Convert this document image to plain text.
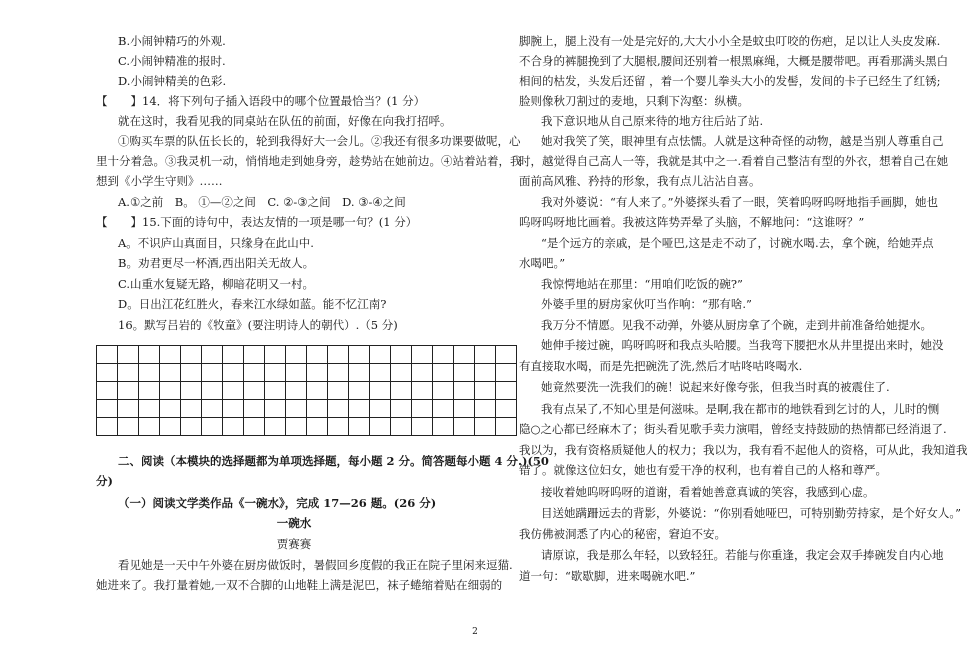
B.小闹钟精巧的外观.
C.小闹钟精准的报时.
D.小闹钟精美的色彩.
【　　】14．将下列句子插入语段中的哪个位置最恰当？(1 分）
就在这时，我看见我的同桌站在队伍的前面，好像在向我打招呼。
①购买车票的队伍长长的，轮到我得好大一会儿。②我还有很多功课要做呢，心
里十分着急。③我灵机一动，悄悄地走到她身旁，趁势站在她前边。④站着站着，我
想到《小学生守则》……
A.①之前　B。 ①—②之间　C. ②-③之间　D. ③-④之间
【　　】15.下面的诗句中，表达友情的一项是哪一句？(1 分）
A。不识庐山真面目，只缘身在此山中.
B。劝君更尽一杯酒,西出阳关无故人。
C.山重水复疑无路，柳暗花明又一村。
D。日出江花红胜火，春来江水绿如蓝。能不忆江南?
16。默写吕岩的《牧童》(要注明诗人的朝代）.（5 分)
二、阅读（本模块的选择题都为单项选择题，每小题 2 分。简答题每小题 4 分.)(50
分)
（一）阅读文学类作品《一碗水》，完成 17—26 题。(26 分)
一碗水
贾赛赛
看见她是一天中午外婆在厨房做饭时，暑假回乡度假的我正在院子里闲来逗猫.
她进来了。我打量着她,一双不合脚的山地鞋上满是泥巴，袜子蜷缩着贴在细弱的
脚腕上，腿上没有一处是完好的,大大小小全是蚊虫叮咬的伤疤，足以让人头皮发麻.
不合身的裤腿挽到了大腿根,腰间还别着一根黑麻绳，大概是腰带吧。再看那满头黑白
相间的枯发，头发后还留 ，着一个婴儿拳头大小的发髻，发间的卡子已经生了红锈;
脸则像秋刀割过的麦地，只剩下沟壑：纵横。
我下意识地从自己原来待的地方往后站了站.
她对我笑了笑，眼神里有点怯懦。人就是这种奇怪的动物，越是当别人尊重自己
时，越觉得自己高人一等，我就是其中之一.看着自己整洁有型的外衣，想着自己在她
面前高风雅、矜持的形象，我有点儿沾沾自喜。
我对外婆说：“有人来了。”外婆探头看了一眼，笑着呜呀呜呀地指手画脚，她也
呜呀呜呀地比画着。我被这阵势弄晕了头脑，不解地问：“这谁呀？”
“是个远方的亲戚，是个哑巴,这是走不动了，讨碗水喝.去，拿个碗，给她弄点
水喝吧。”
我惊愕地站在那里：“用咱们吃饭的碗?”
外婆手里的厨房家伙叮当作响：“那有啥.”
我万分不情愿。见我不动弹，外婆从厨房拿了个碗，走到井前准备给她提水。
她伸手接过碗，呜呀呜呀和我点头哈腰。当我弯下腰把水从井里提出来时，她没
有直接取水喝，而是先把碗洗了洗,然后才咕咚咕咚喝水.
她竟然要洗一洗我们的碗！说起来好像夸张，但我当时真的被震住了.
我有点呆了,不知心里是何滋味。是啊,我在都市的地铁看到乞讨的人，儿时的恻
隐○之心都已经麻木了；街头看见歌手卖力演唱，曾经支持鼓励的热情都已经消退了.
我以为，我有资格质疑他人的权力；我以为，我有看不起他人的资格，可从此，我知道我
错了。就像这位妇女，她也有爱干净的权利，也有着自己的人格和尊严。
接收着她呜呀呜呀的道谢，看着她善意真诚的笑容，我感到心虚。
目送她蹒跚远去的背影，外婆说：“你别看她哑巴，可特别勤劳持家，是个好女人。”
我仿佛被洞悉了内心的秘密，窘迫不安。
请原谅，我是那么年轻，以致轻狂。若能与你重逢，我定会双手捧碗发自内心地
道一句：“歇歇脚，进来喝碗水吧.”

2
